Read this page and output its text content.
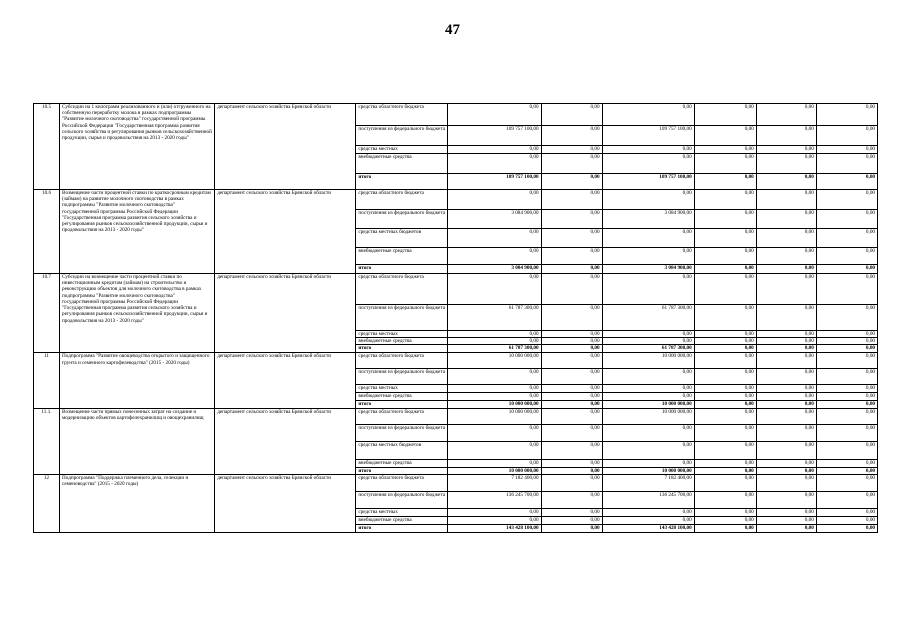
47
10.5	Субсидии на 1 килограмм реализованного и (или) отгруженного на собственную переработку молока в рамках подпрограммы "Развитие молочного скотоводства" государственной программы Российской Федерации "Государственная программа развития сельского хозяйства и регулирования рынков сельскохозяйственной продукции, сырья и продовольствия на 2013 - 2020 годы"	департамент сельского хозяйства Брянской области	средства областного бюджета	0,00	0,00	0,00	0,00	0,00	0,00
			поступления из федерального бюджета	109 757 100,00	0,00	109 757 100,00	0,00	0,00	0,00
			средства местных	0,00	0,00	0,00	0,00	0,00	0,00
			внебюджетные средства	0,00	0,00	0,00	0,00	0,00	0,00
			итого	109 757 100,00	0,00	109 757 100,00	0,00	0,00	0,00
10.6	Возмещение части процентной ставки по краткосрочным кредитам (займам) на развитие молочного скотоводства в рамках подпрограммы "Развитие молочного скотоводства" государственной программы Российской Федерации "Государственная программа развития сельского хозяйства и регулирования рынков сельскохозяйственной продукции, сырья и продовольствия на 2013 - 2020 годы"	департамент сельского хозяйства Брянской области	средства областного бюджета	0,00	0,00	0,00	0,00	0,00	0,00
			поступления из федерального бюджета	3 084 900,00	0,00	3 084 900,00	0,00	0,00	0,00
			средства местных бюджетов	0,00	0,00	0,00	0,00	0,00	0,00
			внебюджетные средства	0,00	0,00	0,00	0,00	0,00	0,00
			итого	3 084 900,00	0,00	3 084 900,00	0,00	0,00	0,00
10.7	Субсидии на возмещение части процентной ставки по инвестиционным кредитам (займам) на строительство и реконструкцию объектов для молочного скотоводства в рамках подпрограммы "Развитие молочного скотоводства" государственной программы Российской Федерации "Государственная программа развития сельского хозяйства и регулирования рынков сельскохозяйственной продукции, сырья и продовольствия на 2013 - 2020 годы"	департамент сельского хозяйства Брянской области	средства областного бюджета	0,00	0,00	0,00	0,00	0,00	0,00
			поступления из федерального бюджета	61 787 300,00	0,00	61 787 300,00	0,00	0,00	0,00
			средства местных	0,00	0,00	0,00	0,00	0,00	0,00
			внебюджетные средства	0,00	0,00	0,00	0,00	0,00	0,00
			итого	61 787 300,00	0,00	61 787 300,00	0,00	0,00	0,00
11	Подпрограмма "Развитие овощеводства открытого и защищенного грунта и семенного картофелеводства" (2015 - 2020 годы)	департамент сельского хозяйства Брянской области	средства областного бюджета	10 000 000,00	0,00	10 000 000,00	0,00	0,00	0,00
			поступления из федерального бюджета	0,00	0,00	0,00	0,00	0,00	0,00
			средства местных	0,00	0,00	0,00	0,00	0,00	0,00
			внебюджетные средства	0,00	0,00	0,00	0,00	0,00	0,00
			итого	10 000 000,00	0,00	10 000 000,00	0,00	0,00	0,00
11.1.	Возмещение части прямых понесенных затрат на создание и модернизацию объектов картофелехранилищ и овощехранилищ	департамент сельского хозяйства Брянской области	средства областного бюджета	10 000 000,00	0,00	10 000 000,00	0,00	0,00	0,00
			поступления из федерального бюджета	0,00	0,00	0,00	0,00	0,00	0,00
			средства местных бюджетов	0,00	0,00	0,00	0,00	0,00	0,00
			внебюджетные средства	0,00	0,00	0,00	0,00	0,00	0,00
			итого	10 000 000,00	0,00	10 000 000,00	0,00	0,00	0,00
12	Подпрограмма "Поддержка племенного дела, селекции и семеноводства" (2015 - 2020 годы)	департамент сельского хозяйства Брянской области	средства областного бюджета	7 182 400,00	0,00	7 182 400,00	0,00	0,00	0,00
			поступления из федерального бюджета	136 245 700,00	0,00	136 245 700,00	0,00	0,00	0,00
			средства местных	0,00	0,00	0,00	0,00	0,00	0,00
			внебюджетные средства	0,00	0,00	0,00	0,00	0,00	0,00
			итого	143 428 100,00	0,00	143 428 100,00	0,00	0,00	0,00
